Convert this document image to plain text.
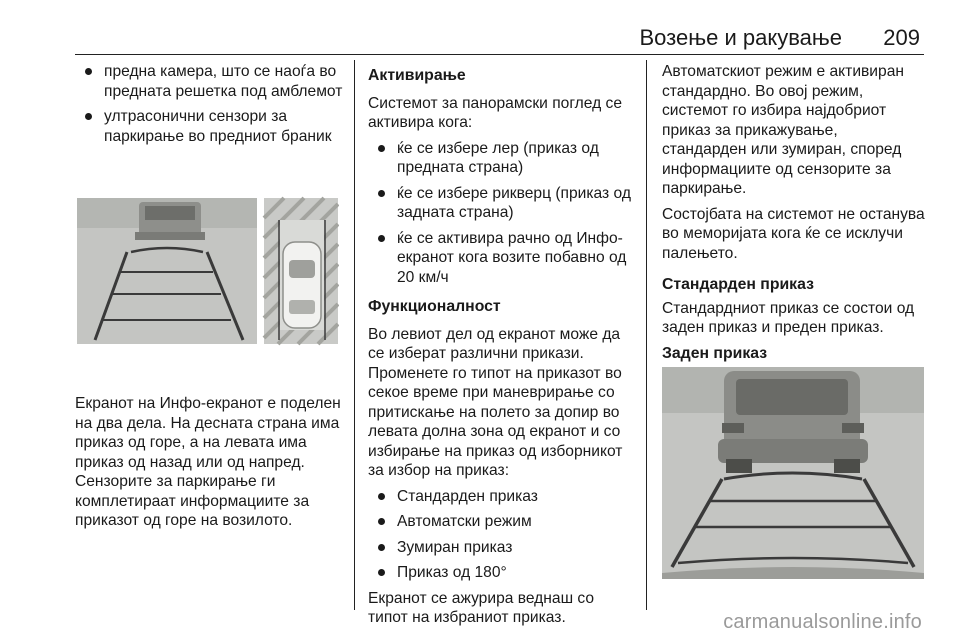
Возење и ракување 209
предна камера, што се наоѓа во предната решетка под амблемот
ултрасонични сензори за паркирање во предниот браник

Екранот на Инфо-екранот е поделен на два дела. На десната страна има приказ од горе, а на левата има приказ од назад или од напред. Сензорите за паркирање ги комплетираат информациите за приказот од горе на возилото.

Активирање

Системот за панорамски поглед се активира кога:

ќе се избере лер (приказ од предната страна)
ќе се избере рикверц (приказ од задната страна)
ќе се активира рачно од Инфо-екранот кога возите побавно од 20 км/ч
Функционалност

Во левиот дел од екранот може да се изберат различни прикази. Променете го типот на приказот во секое време при маневрирање со притискање на полето за допир во левата долна зона од екранот и со избирање на приказ од изборникот за избор на приказ:

Стандарден приказ
Автоматски режим
Зумиран приказ
Приказ од 180°

Екранот се ажурира веднаш со типот на избраниот приказ.

Автоматскиот режим е активиран стандардно. Во овој режим, системот го избира најдобриот приказ за прикажување, стандарден или зумиран, според информациите од сензорите за паркирање.

Состојбата на системот не останува во меморијата кога ќе се исклучи палењето.

Стандарден приказ

Стандардниот приказ се состои од заден приказ и преден приказ.

Заден приказ
carmanualsonline.info
